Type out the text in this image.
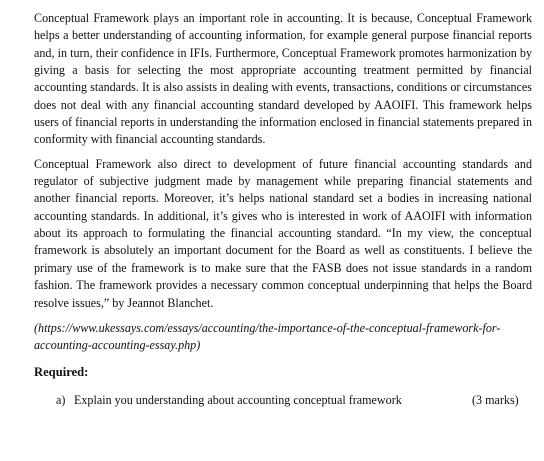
Conceptual Framework plays an important role in accounting. It is because, Conceptual Framework helps a better understanding of accounting information, for example general purpose financial reports and, in turn, their confidence in IFIs. Furthermore, Conceptual Framework promotes harmonization by giving a basis for selecting the most appropriate accounting treatment permitted by financial accounting standards. It is also assists in dealing with events, transactions, conditions or circumstances does not deal with any financial accounting standard developed by AAOIFI. This framework helps users of financial reports in understanding the information enclosed in financial statements prepared in conformity with financial accounting standards.

Conceptual Framework also direct to development of future financial accounting standards and regulator of subjective judgment made by management while preparing financial statements and another financial reports. Moreover, it’s helps national standard set a bodies in increasing national accounting standards. In additional, it’s gives who is interested in work of AAOIFI with information about its approach to formulating the financial accounting standard. “In my view, the conceptual framework is absolutely an important document for the Board as well as constituents. I believe the primary use of the framework is to make sure that the FASB does not issue standards in a random fashion. The framework provides a necessary common conceptual underpinning that helps the Board resolve issues,” by Jeannot Blanchet.

(https://www.ukessays.com/essays/accounting/the-importance-of-the-conceptual-framework-for-accounting-accounting-essay.php)

Required:

a) Explain you understanding about accounting conceptual framework	(3 marks)
